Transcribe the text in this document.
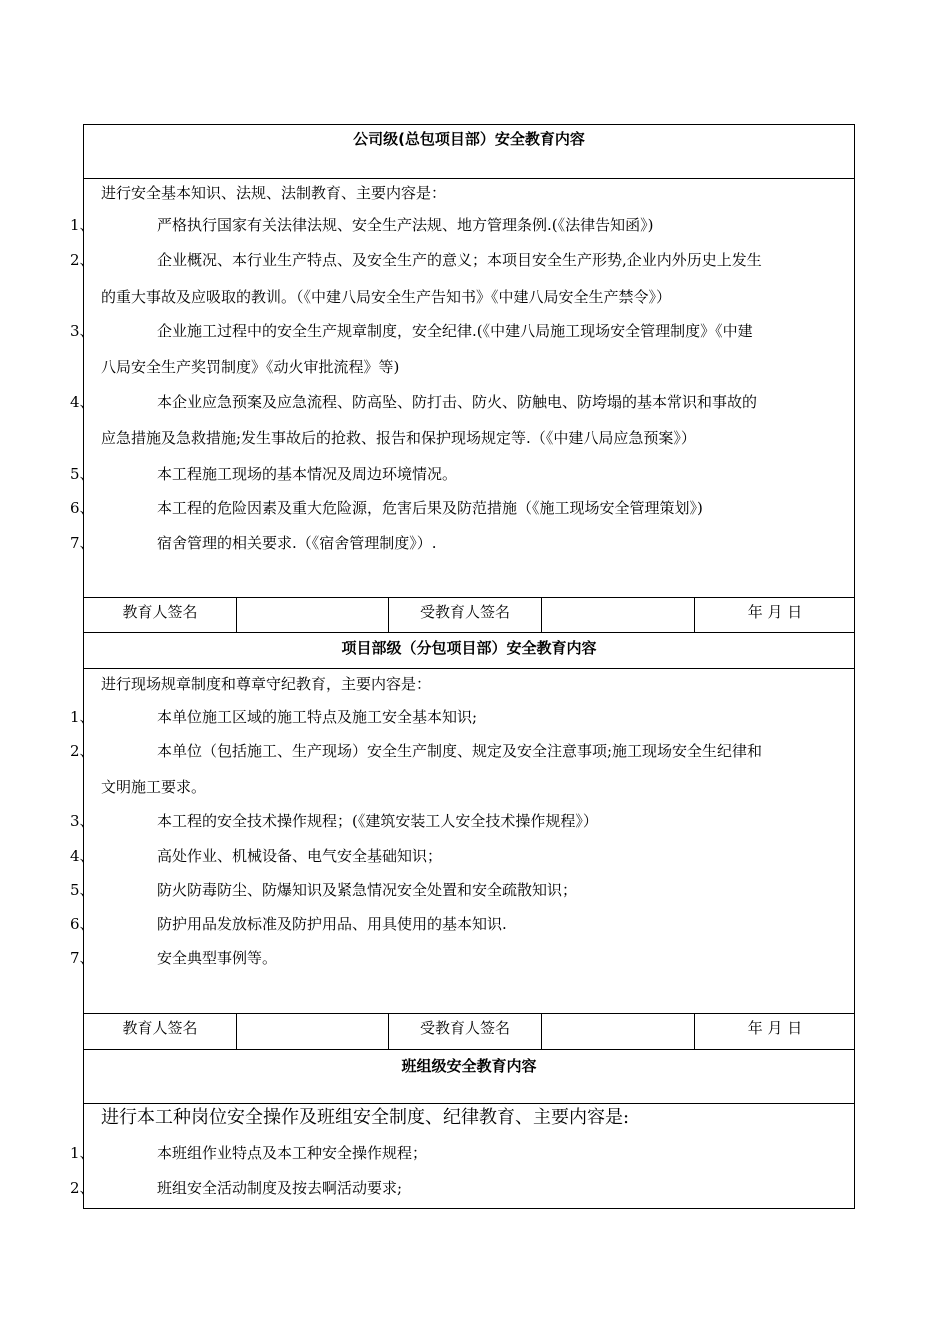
公司级(总包项目部）安全教育内容
进行安全基本知识、法规、法制教育、主要内容是：
1、	严格执行国家有关法律法规、安全生产法规、地方管理条例.(《法律告知函》)
2、	企业概况、本行业生产特点、及安全生产的意义；本项目安全生产形势,企业内外历史上发生
的重大事故及应吸取的教训。（《中建八局安全生产告知书》《中建八局安全生产禁令》）
3、	企业施工过程中的安全生产规章制度，安全纪律.(《中建八局施工现场安全管理制度》《中建
八局安全生产奖罚制度》《动火审批流程》等)
4、	本企业应急预案及应急流程、防高坠、防打击、防火、防触电、防垮塌的基本常识和事故的
应急措施及急救措施;发生事故后的抢救、报告和保护现场规定等.（《中建八局应急预案》）
5、	本工程施工现场的基本情况及周边环境情况。
6、	本工程的危险因素及重大危险源，危害后果及防范措施（《施工现场安全管理策划》)
7、	宿舍管理的相关要求.（《宿舍管理制度》）.
教育人签名	受教育人签名	年 月 日
项目部级（分包项目部）安全教育内容
进行现场规章制度和尊章守纪教育，主要内容是：
1、	本单位施工区域的施工特点及施工安全基本知识;
2、	本单位（包括施工、生产现场）安全生产制度、规定及安全注意事项;施工现场安全生纪律和
文明施工要求。
3、	本工程的安全技术操作规程；(《建筑安装工人安全技术操作规程》）
4、	高处作业、机械设备、电气安全基础知识；
5、	防火防毒防尘、防爆知识及紧急情况安全处置和安全疏散知识；
6、	防护用品发放标准及防护用品、用具使用的基本知识.
7、	安全典型事例等。
教育人签名	受教育人签名	年 月 日
班组级安全教育内容
进行本工种岗位安全操作及班组安全制度、纪律教育、主要内容是:
1、	本班组作业特点及本工种安全操作规程；
2、	班组安全活动制度及按去啊活动要求;
